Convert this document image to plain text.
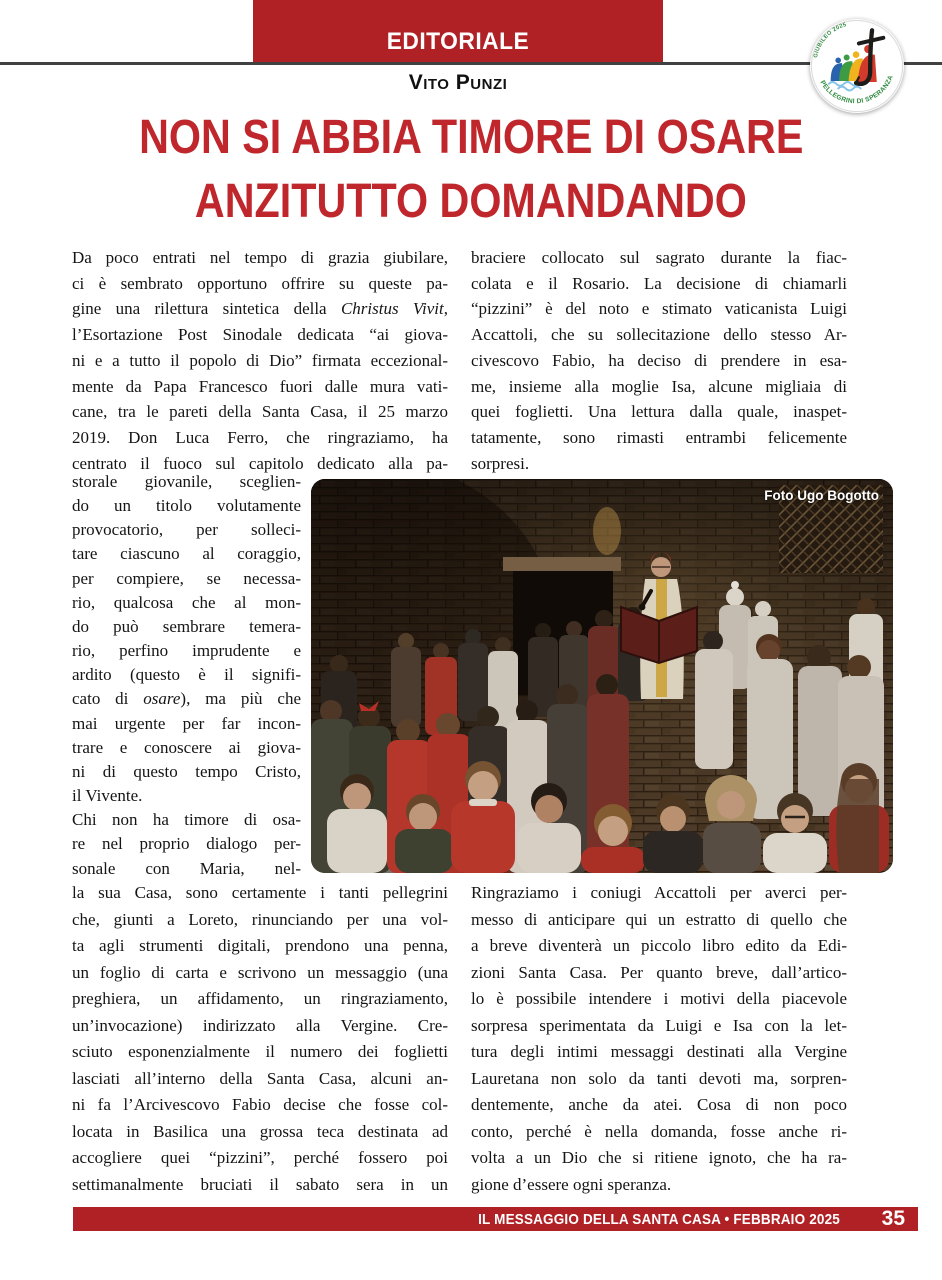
EDITORIALE
GIUBILEO 2025
PELLEGRINI DI SPERANZA
Vito Punzi
NON SI ABBIA TIMORE DI OSARE
ANZITUTTO DOMANDANDO
Da poco entrati nel tempo di grazia giubilare,
ci è sembrato opportuno offrire su queste pa-
gine una rilettura sintetica della Christus Vivit,
l’Esortazione Post Sinodale dedicata “ai giova-
ni e a tutto il popolo di Dio” firmata eccezional-
mente da Papa Francesco fuori dalle mura vati-
cane, tra le pareti della Santa Casa, il 25 marzo
2019. Don Luca Ferro, che ringraziamo, ha
centrato il fuoco sul capitolo dedicato alla pa-
braciere collocato sul sagrato durante la fiac-
colata e il Rosario. La decisione di chiamarli
“pizzini” è del noto e stimato vaticanista Luigi
Accattoli, che su sollecitazione dello stesso Ar-
civescovo Fabio, ha deciso di prendere in esa-
me, insieme alla moglie Isa, alcune migliaia di
quei foglietti. Una lettura dalla quale, inaspet-
tatamente, sono rimasti entrambi felicemente
sorpresi.
storale giovanile, sceglien-
do un titolo volutamente
provocatorio, per solleci-
tare ciascuno al coraggio,
per compiere, se necessa-
rio, qualcosa che al mon-
do può sembrare temera-
rio, perfino imprudente e
ardito (questo è il signifi-
cato di osare), ma più che
mai urgente per far incon-
trare e conoscere ai giova-
ni di questo tempo Cristo,
il Vivente.
Chi non ha timore di osa-
re nel proprio dialogo per-
sonale con Maria, nel-
la sua Casa, sono certamente i tanti pellegrini
che, giunti a Loreto, rinunciando per una vol-
ta agli strumenti digitali, prendono una penna,
un foglio di carta e scrivono un messaggio (una
preghiera, un affidamento, un ringraziamento,
un’invocazione) indirizzato alla Vergine. Cre-
sciuto esponenzialmente il numero dei foglietti
lasciati all’interno della Santa Casa, alcuni an-
ni fa l’Arcivescovo Fabio decise che fosse col-
locata in Basilica una grossa teca destinata ad
accogliere quei “pizzini”, perché fossero poi
settimanalmente bruciati il sabato sera in un
Ringraziamo i coniugi Accattoli per averci per-
messo di anticipare qui un estratto di quello che
a breve diventerà un piccolo libro edito da Edi-
zioni Santa Casa. Per quanto breve, dall’artico-
lo è possibile intendere i motivi della piacevole
sorpresa sperimentata da Luigi e Isa con la let-
tura degli intimi messaggi destinati alla Vergine
Lauretana non solo da tanti devoti ma, sorpren-
dentemente, anche da atei. Cosa di non poco
conto, perché è nella domanda, fosse anche ri-
volta a un Dio che si ritiene ignoto, che ha ra-
gione d’essere ogni speranza.
Foto Ugo Bogotto
IL MESSAGGIO DELLA SANTA CASA • FEBBRAIO 2025 35
